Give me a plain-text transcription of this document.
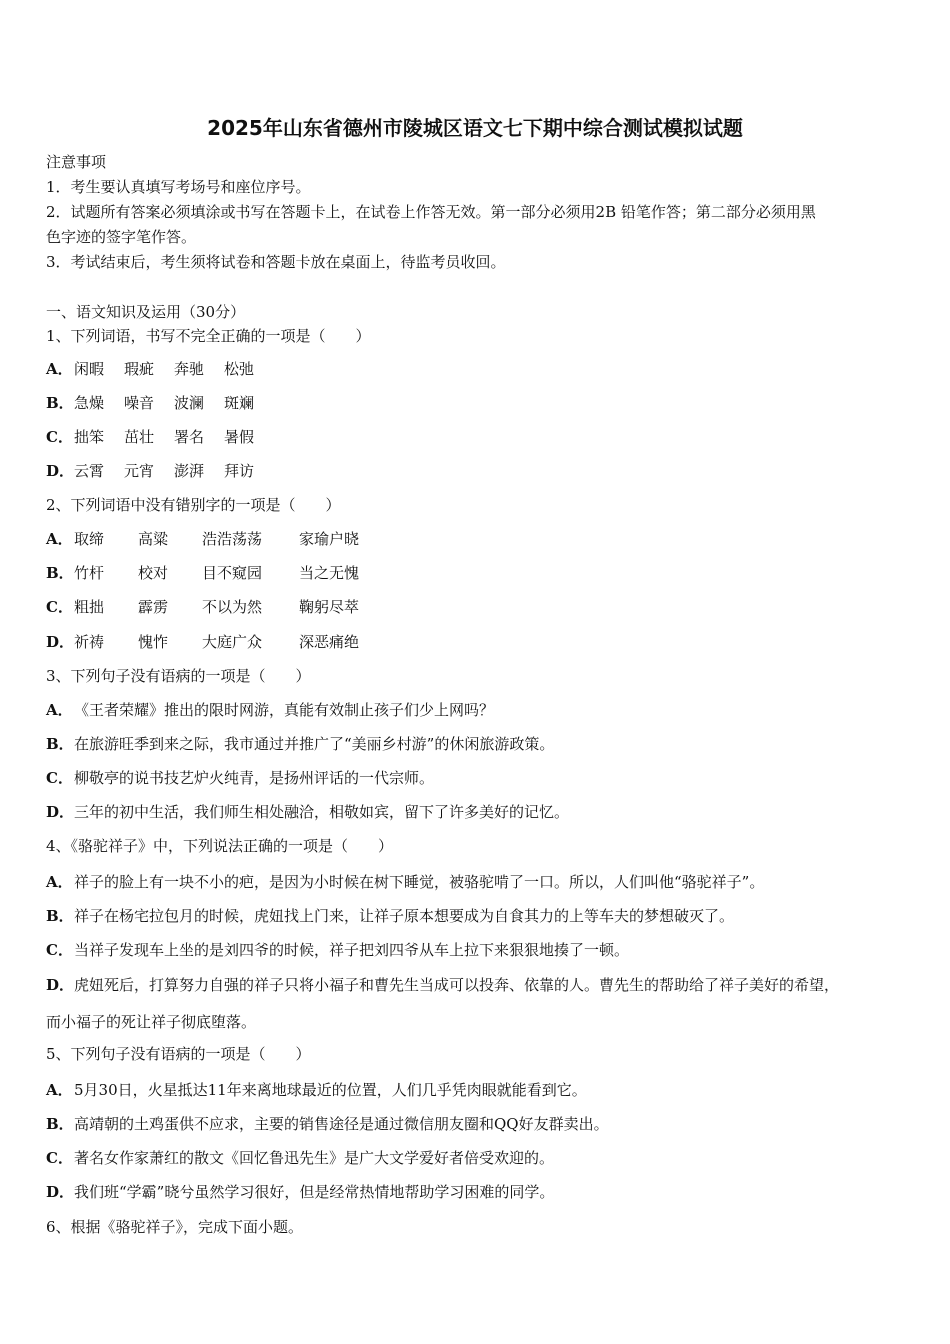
2025年山东省德州市陵城区语文七下期中综合测试模拟试题
注意事项
1．考生要认真填写考场号和座位序号。
2．试题所有答案必须填涂或书写在答题卡上，在试卷上作答无效。第一部分必须用2B 铅笔作答；第二部分必须用黑
色字迹的签字笔作答。
3．考试结束后，考生须将试卷和答题卡放在桌面上，待监考员收回。
一、语文知识及运用（30分）
1、下列词语，书写不完全正确的一项是（　　）
A．闲暇 瑕疵 奔驰 松弛
B．急燥 噪音 波澜 斑斓
C．拙笨 茁壮 署名 暑假
D．云霄 元宵 澎湃 拜访
2、下列词语中没有错别字的一项是（　　）
A．取缔 高粱 浩浩荡荡 家瑜户晓
B．竹杆 校对 目不窥园 当之无愧
C．粗拙 霹雳 不以为然 鞠躬尽萃
D．祈祷 愧怍 大庭广众 深恶痛绝
3、下列句子没有语病的一项是（　　）
A．《王者荣耀》推出的限时网游，真能有效制止孩子们少上网吗？
B．在旅游旺季到来之际，我市通过并推广了“美丽乡村游”的休闲旅游政策。
C．柳敬亭的说书技艺炉火纯青，是扬州评话的一代宗师。
D．三年的初中生活，我们师生相处融洽，相敬如宾，留下了许多美好的记忆。
4、《骆驼祥子》中，下列说法正确的一项是（　　）
A．祥子的脸上有一块不小的疤，是因为小时候在树下睡觉，被骆驼啃了一口。所以，人们叫他“骆驼祥子”。
B．祥子在杨宅拉包月的时候，虎妞找上门来，让祥子原本想要成为自食其力的上等车夫的梦想破灭了。
C．当祥子发现车上坐的是刘四爷的时候，祥子把刘四爷从车上拉下来狠狠地揍了一顿。
D．虎妞死后，打算努力自强的祥子只将小福子和曹先生当成可以投奔、依靠的人。曹先生的帮助给了祥子美好的希望，
而小福子的死让祥子彻底堕落。
5、下列句子没有语病的一项是（　　）
A．5月30日，火星抵达11年来离地球最近的位置，人们几乎凭肉眼就能看到它。
B．高靖朝的土鸡蛋供不应求，主要的销售途径是通过微信朋友圈和QQ好友群卖出。
C．著名女作家萧红的散文《回忆鲁迅先生》是广大文学爱好者倍受欢迎的。
D．我们班“学霸”晓兮虽然学习很好，但是经常热情地帮助学习困难的同学。
6、根据《骆驼祥子》，完成下面小题。
